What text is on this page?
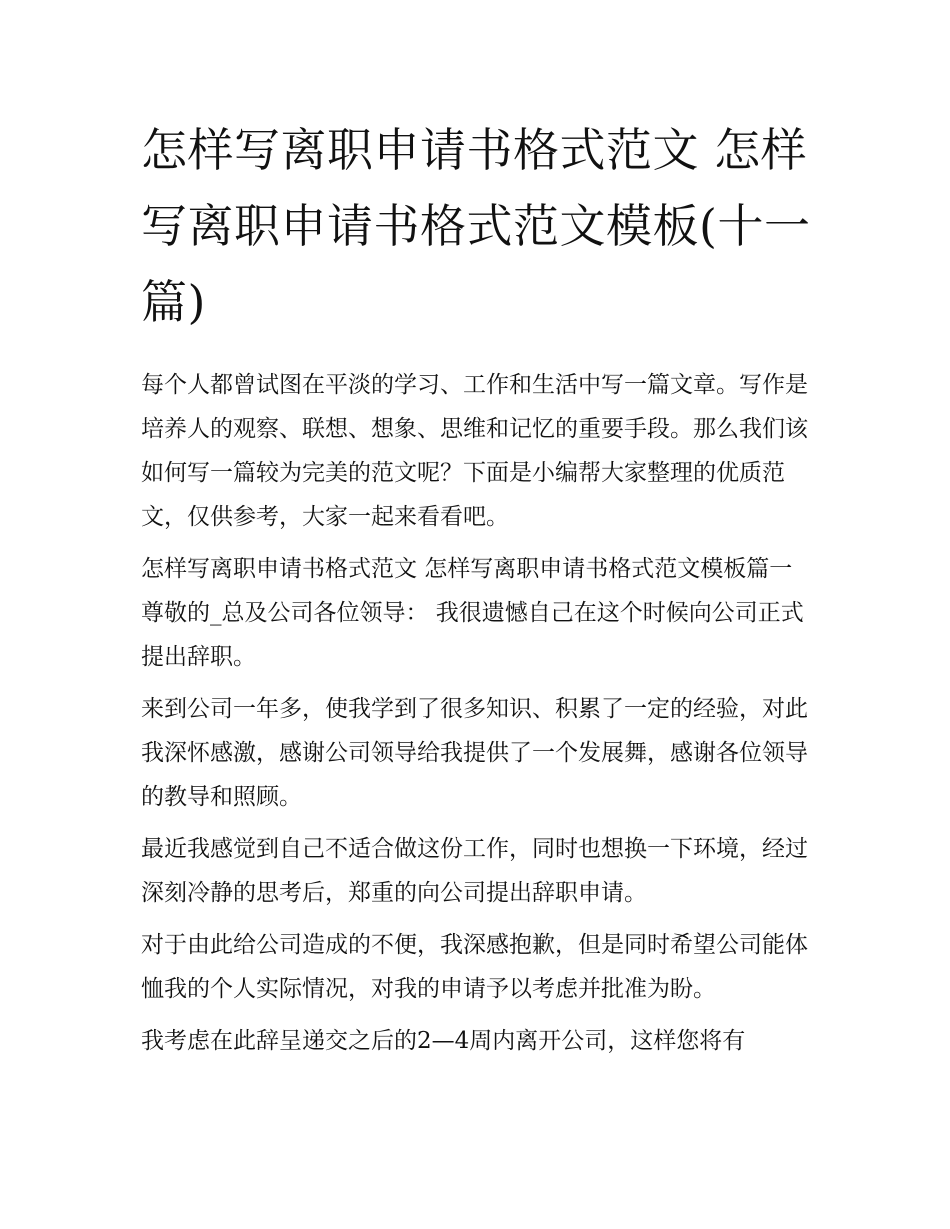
怎样写离职申请书格式范文 怎样写离职申请书格式范文模板(十一篇)

每个人都曾试图在平淡的学习、工作和生活中写一篇文章。写作是培养人的观察、联想、想象、思维和记忆的重要手段。那么我们该如何写一篇较为完美的范文呢？下面是小编帮大家整理的优质范文，仅供参考，大家一起来看看吧。

怎样写离职申请书格式范文 怎样写离职申请书格式范文模板篇一 尊敬的_总及公司各位领导： 我很遗憾自己在这个时候向公司正式提出辞职。

来到公司一年多，使我学到了很多知识、积累了一定的经验，对此我深怀感激，感谢公司领导给我提供了一个发展舞，感谢各位领导的教导和照顾。

最近我感觉到自己不适合做这份工作，同时也想换一下环境，经过深刻冷静的思考后，郑重的向公司提出辞职申请。

对于由此给公司造成的不便，我深感抱歉，但是同时希望公司能体恤我的个人实际情况，对我的申请予以考虑并批准为盼。

我考虑在此辞呈递交之后的2—4周内离开公司，这样您将有
